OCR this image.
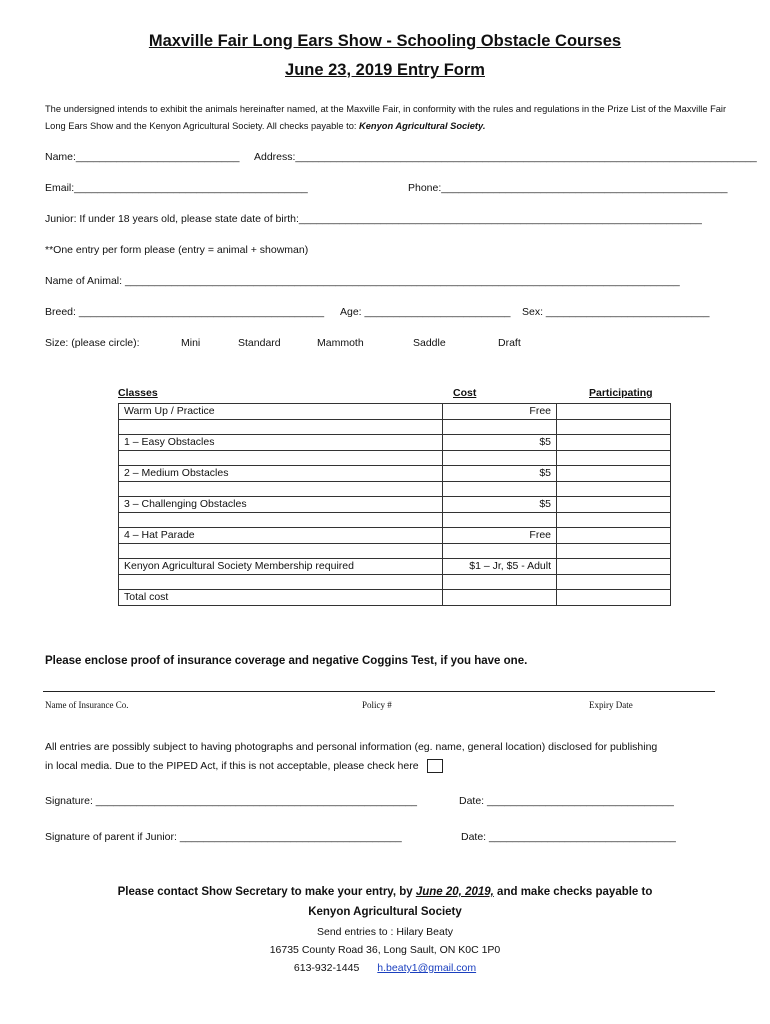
Maxville Fair Long Ears Show - Schooling Obstacle Courses
June 23, 2019 Entry Form
The undersigned intends to exhibit the animals hereinafter named, at the Maxville Fair, in conformity with the rules and regulations in the Prize List of the Maxville Fair Long Ears Show and the Kenyon Agricultural Society. All checks payable to: Kenyon Agricultural Society.
Name:____________________________ Address:_______________________________________________________________________________
Email:________________________________________	Phone:_________________________________________________
Junior: If under 18 years old, please state date of birth:_____________________________________________________________________
**One entry per form please (entry = animal + showman)
Name of Animal: _______________________________________________________________________________________________
Breed: __________________________________________ Age: _________________________ Sex: ____________________________
Size: (please circle):	Mini	Standard	Mammoth	Saddle	Draft
Classes	Cost	Participating
Warm Up / Practice	Free	

1 – Easy Obstacles	$5	

2 – Medium Obstacles	$5	

3 – Challenging Obstacles	$5	

4 – Hat Parade	Free	

Kenyon Agricultural Society Membership required	$1 – Jr, $5 - Adult	

Total cost		
Please enclose proof of insurance coverage and negative Coggins Test, if you have one.
Name of Insurance Co.	Policy #	Expiry Date
All entries are possibly subject to having photographs and personal information (eg. name, general location) disclosed for publishing
in local media. Due to the PIPED Act, if this is not acceptable, please check here
Signature: _______________________________________________________	Date: ________________________________
Signature of parent if Junior: ______________________________________	Date: ________________________________
Please contact Show Secretary to make your entry, by June 20, 2019, and make checks payable to
Kenyon Agricultural Society
Send entries to : Hilary Beaty
16735 County Road 36, Long Sault, ON K0C 1P0
613-932-1445 h.beaty1@gmail.com
